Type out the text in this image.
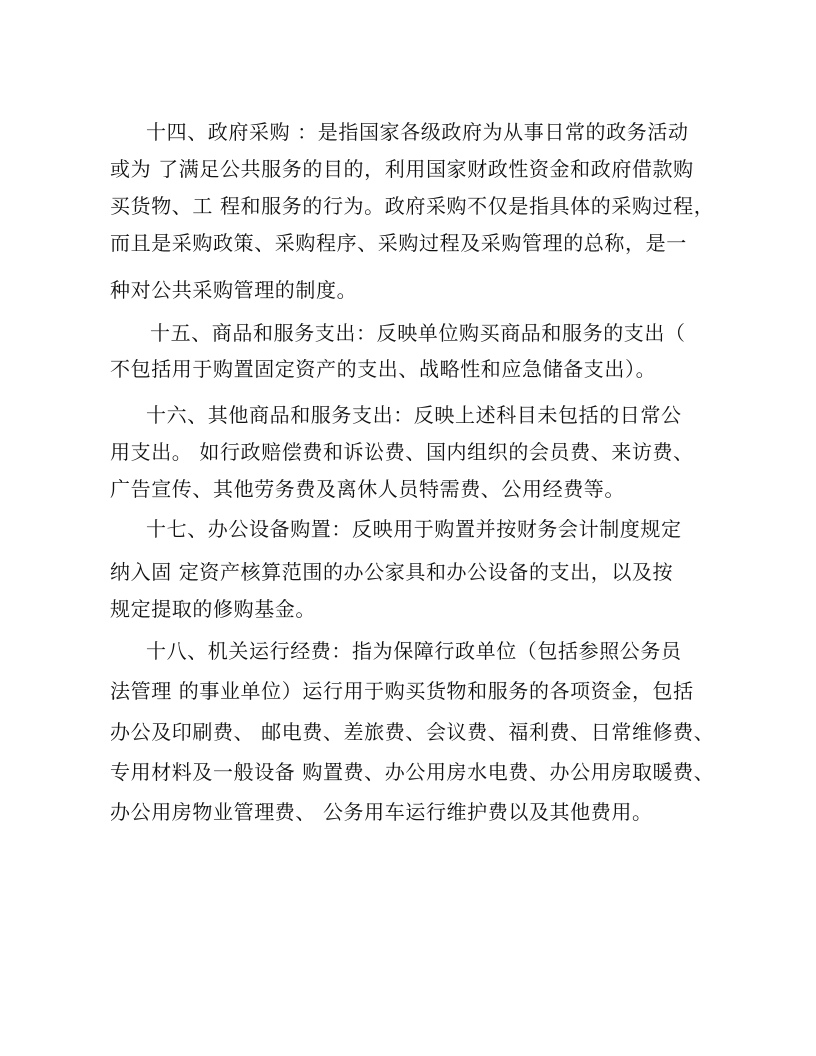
十四、政府采购 ：是指国家各级政府为从事日常的政务活动
或为 了满足公共服务的目的，利用国家财政性资金和政府借款购
买货物、工 程和服务的行为。政府采购不仅是指具体的采购过程，
而且是采购政策、采购程序、采购过程及采购管理的总称，是一
种对公共采购管理的制度。
十五、商品和服务支出：反映单位购买商品和服务的支出（
不包括用于购置固定资产的支出、战略性和应急储备支出）。
十六、其他商品和服务支出：反映上述科目未包括的日常公
用支出。 如行政赔偿费和诉讼费、国内组织的会员费、来访费、
广告宣传、其他劳务费及离休人员特需费、公用经费等。
十七、办公设备购置：反映用于购置并按财务会计制度规定
纳入固 定资产核算范围的办公家具和办公设备的支出，以及按
规定提取的修购基金。
十八、机关运行经费：指为保障行政单位（包括参照公务员
法管理 的事业单位）运行用于购买货物和服务的各项资金，包括
办公及印刷费、 邮电费、差旅费、会议费、福利费、日常维修费、
专用材料及一般设备 购置费、办公用房水电费、办公用房取暖费、
办公用房物业管理费、 公务用车运行维护费以及其他费用。
